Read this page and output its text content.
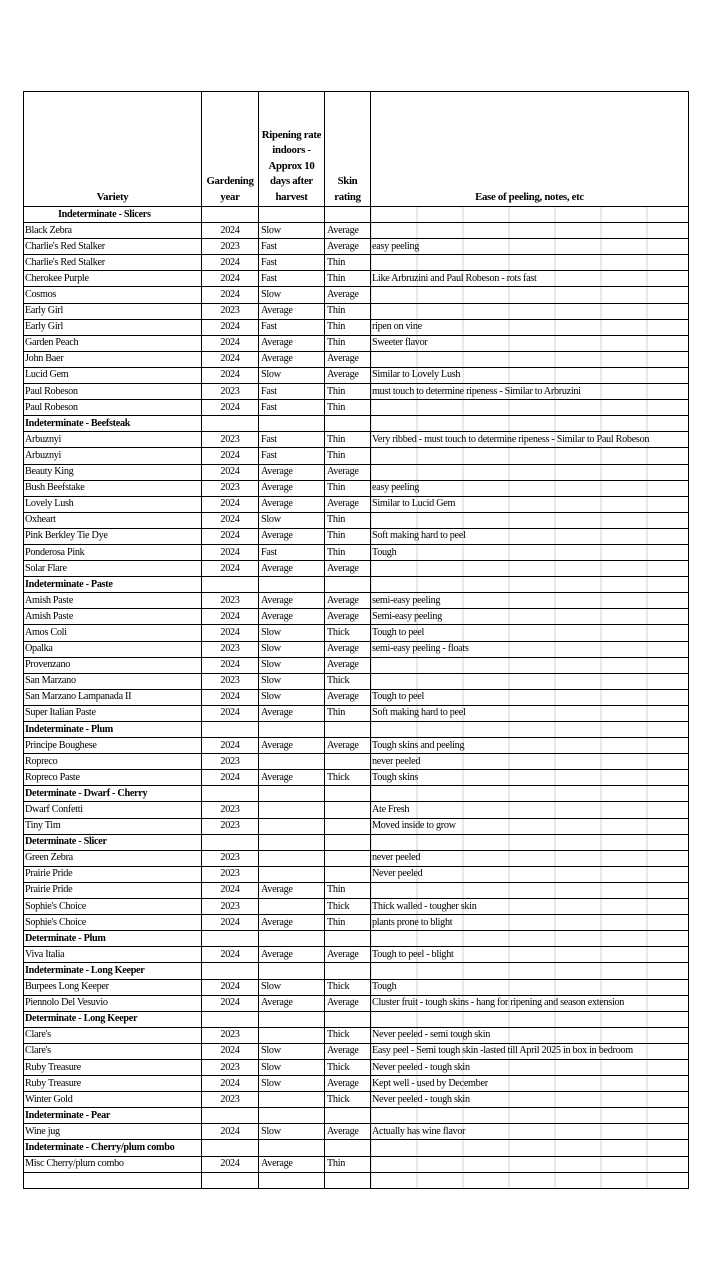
Variety	Gardening year	Ripening rate indoors - Approx 10 days after harvest	Skin rating	Ease of peeling, notes, etc
Indeterminate - Slicers				
Black Zebra	2024	Slow	Average	
Charlie's Red Stalker	2023	Fast	Average	easy peeling
Charlie's Red Stalker	2024	Fast	Thin	
Cherokee Purple	2024	Fast	Thin	Like Arbruzini and Paul Robeson - rots fast
Cosmos	2024	Slow	Average	
Early Girl	2023	Average	Thin	
Early Girl	2024	Fast	Thin	ripen on vine
Garden Peach	2024	Average	Thin	Sweeter flavor
John Baer	2024	Average	Average	
Lucid Gem	2024	Slow	Average	Similar to Lovely Lush
Paul Robeson	2023	Fast	Thin	must touch to determine ripeness - Similar to Arbruzini
Paul Robeson	2024	Fast	Thin	
Indeterminate - Beefsteak				
Arbuznyi	2023	Fast	Thin	Very ribbed - must touch to determine ripeness - Similar to Paul Robeson
Arbuznyi	2024	Fast	Thin	
Beauty King	2024	Average	Average	
Bush Beefstake	2023	Average	Thin	easy peeling
Lovely Lush	2024	Average	Average	Similar to Lucid Gem
Oxheart	2024	Slow	Thin	
Pink Berkley Tie Dye	2024	Average	Thin	Soft making hard to peel
Ponderosa Pink	2024	Fast	Thin	Tough
Solar Flare	2024	Average	Average	
Indeterminate - Paste				
Amish Paste	2023	Average	Average	semi-easy peeling
Amish Paste	2024	Average	Average	Semi-easy peeling
Amos Coli	2024	Slow	Thick	Tough to peel
Opalka	2023	Slow	Average	semi-easy peeling - floats
Provenzano	2024	Slow	Average	
San Marzano	2023	Slow	Thick	
San Marzano Lampanada II	2024	Slow	Average	Tough to peel
Super Italian Paste	2024	Average	Thin	Soft making hard to peel
Indeterminate - Plum				
Principe Boughese	2024	Average	Average	Tough skins and peeling
Ropreco	2023			never peeled
Ropreco Paste	2024	Average	Thick	Tough skins
Determinate - Dwarf - Cherry				
Dwarf Confetti	2023			Ate Fresh
Tiny Tim	2023			Moved inside to grow
Determinate - Slicer				
Green Zebra	2023			never peeled
Prairie Pride	2023			Never peeled
Prairie Pride	2024	Average	Thin	
Sophie's Choice	2023		Thick	Thick walled - tougher skin
Sophie's Choice	2024	Average	Thin	plants prone to blight
Determinate - Plum				
Viva Italia	2024	Average	Average	Tough to peel - blight
Indeterminate - Long Keeper				
Burpees Long Keeper	2024	Slow	Thick	Tough
Piennolo Del Vesuvio	2024	Average	Average	Cluster fruit - tough skins - hang for ripening and season extension
Determinate - Long Keeper				
Clare's	2023		Thick	Never peeled - semi tough skin
Clare's	2024	Slow	Average	Easy peel - Semi tough skin -lasted till April 2025 in box in bedroom
Ruby Treasure	2023	Slow	Thick	Never peeled - tough skin
Ruby Treasure	2024	Slow	Average	Kept well - used by December
Winter Gold	2023		Thick	Never peeled - tough skin
Indeterminate - Pear				
Wine jug	2024	Slow	Average	Actually has wine flavor
Indeterminate - Cherry/plum combo				
Misc Cherry/plum combo	2024	Average	Thin	
